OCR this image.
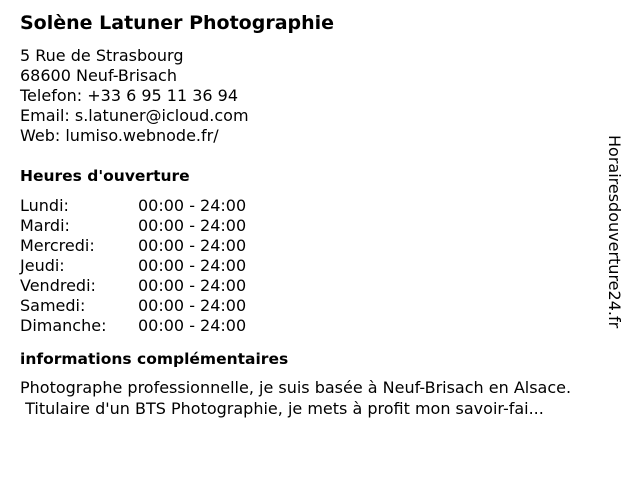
Solène Latuner Photographie
5 Rue de Strasbourg
68600 Neuf-Brisach
Telefon: +33 6 95 11 36 94
Email: s.latuner@icloud.com
Web: lumiso.webnode.fr/
Heures d'ouverture
Lundi:	00:00 - 24:00
Mardi:	00:00 - 24:00
Mercredi:	00:00 - 24:00
Jeudi:	00:00 - 24:00
Vendredi:	00:00 - 24:00
Samedi:	00:00 - 24:00
Dimanche:	00:00 - 24:00
informations complémentaires
Photographe professionnelle, je suis basée à Neuf-Brisach en Alsace.
Titulaire d'un BTS Photographie, je mets à profit mon savoir-fai...
Horairesdouverture24.fr
